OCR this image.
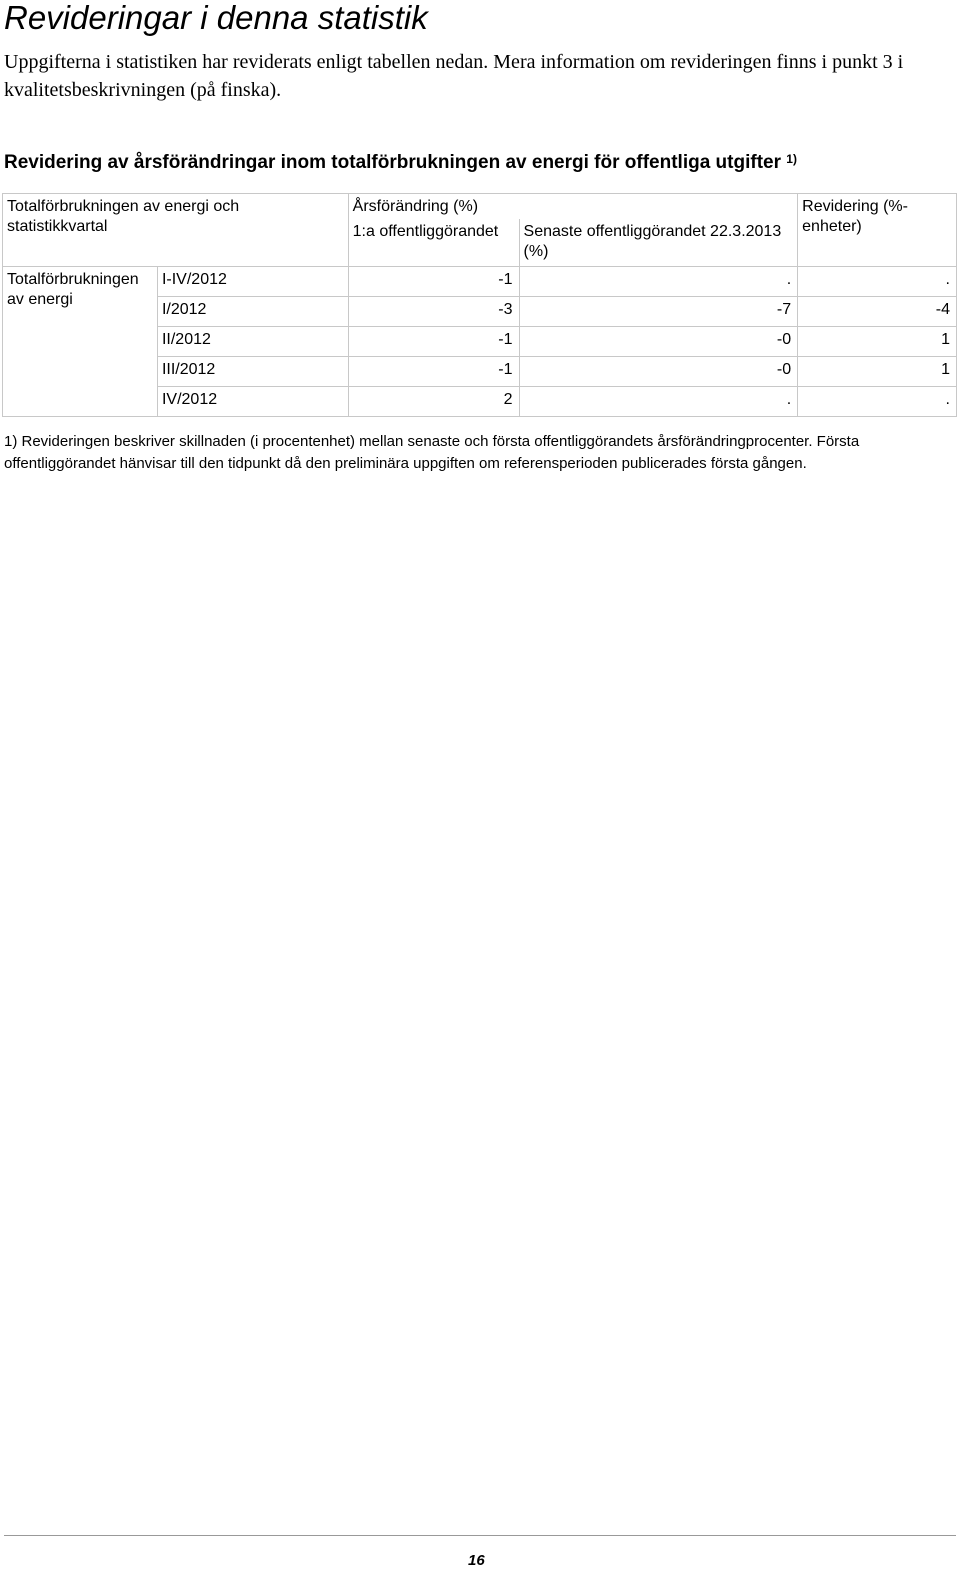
Revideringar i denna statistik

Uppgifterna i statistiken har reviderats enligt tabellen nedan. Mera information om revideringen finns i punkt 3 i kvalitetsbeskrivningen (på finska).

Revidering av årsförändringar inom totalförbrukningen av energi för offentliga utgifter $^{1)}$
Totalförbrukningen av energi och statistikkvartal		Årsförändring (%)		Revidering (%-enheter)
		1:a offentliggörandet	Senaste offentliggörandet 22.3.2013 (%)	
Totalförbrukningen av energi	I-IV/2012	-1	.	.
	I/2012	-3	-7	-4
	II/2012	-1	-0	1
	III/2012	-1	-0	1
	IV/2012	2	.	.

1) Revideringen beskriver skillnaden (i procentenhet) mellan senaste och första offentliggörandets årsförändringprocenter. Första offentliggörandet hänvisar till den tidpunkt då den preliminära uppgiften om referensperioden publicerades första gången.

16
